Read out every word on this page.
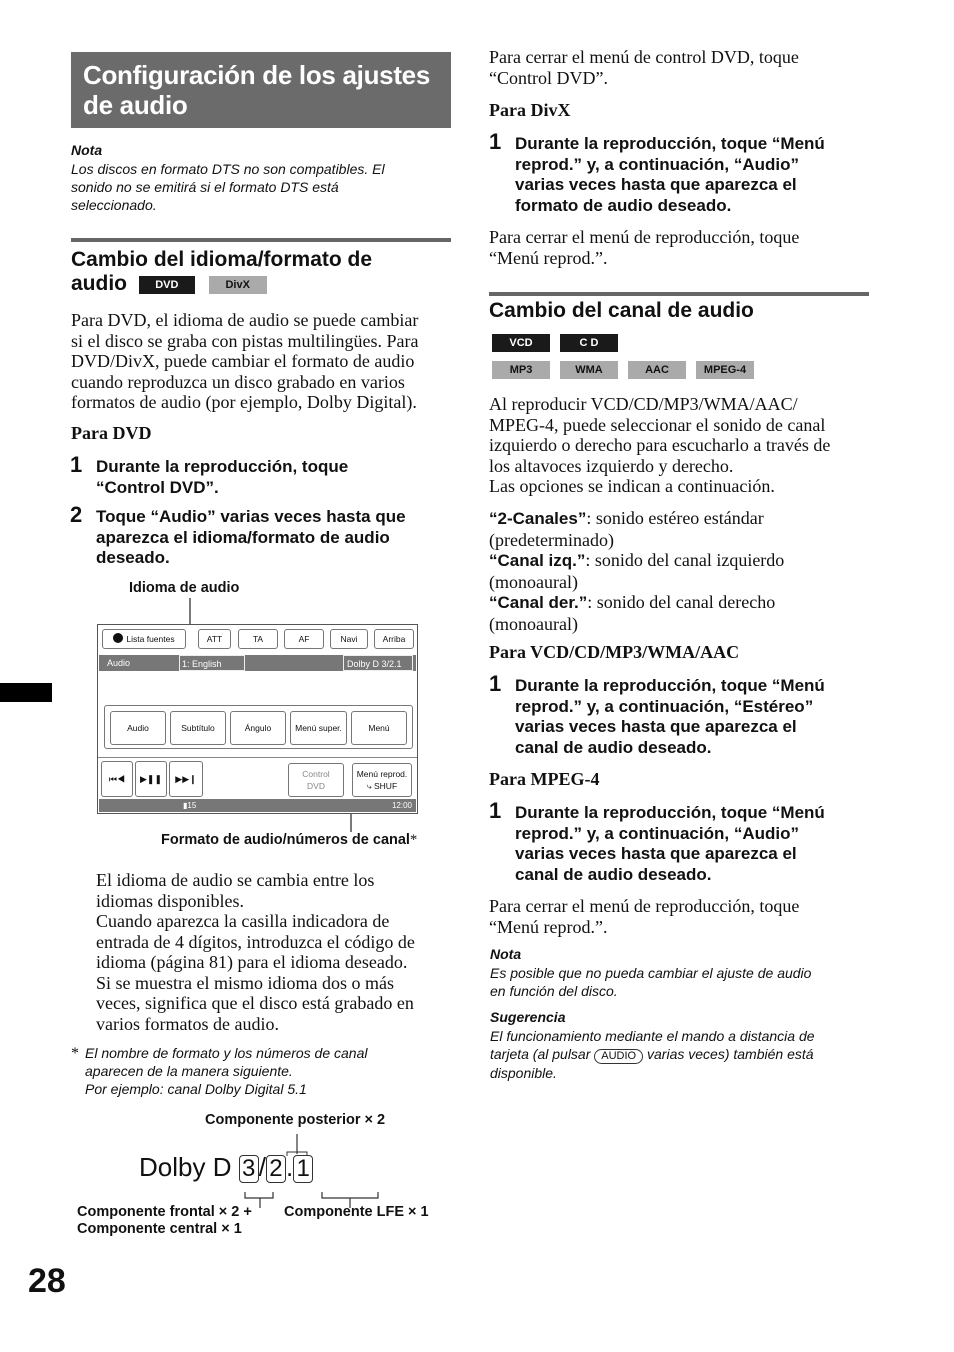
Configuración de los ajustes de audio
Nota
Los discos en formato DTS no son compatibles. El
sonido no se emitirá si el formato DTS está
seleccionado.
Cambio del idioma/formato de
audio	DVD	DivX
Para DVD, el idioma de audio se puede cambiar
si el disco se graba con pistas multilingües. Para
DVD/DivX, puede cambiar el formato de audio
cuando reproduzca un disco grabado en varios
formatos de audio (por ejemplo, Dolby Digital).
Para DVD
1 Durante la reproducción, toque
“Control DVD”.
2 Toque “Audio” varias veces hasta que
aparezca el idioma/formato de audio
deseado.
Idioma de audio
Lista fuentes	ATT	TA	AF	Navi	Arriba
Audio	1: English	Dolby D 3/2.1
Audio	Subtítulo	Ángulo	Menú super.	Menú
⏮◀	▶❚❚	▶▶❙	Control
DVD
Menú reprod.
⤷ SHUF
▮15	12:00
Formato de audio/números de canal*
El idioma de audio se cambia entre los
idiomas disponibles.
Cuando aparezca la casilla indicadora de
entrada de 4 dígitos, introduzca el código de
idioma (página 81) para el idioma deseado.
Si se muestra el mismo idioma dos o más
veces, significa que el disco está grabado en
varios formatos de audio.
* El nombre de formato y los números de canal
aparecen de la manera siguiente.
Por ejemplo: canal Dolby Digital 5.1
Componente posterior × 2
Dolby D 3 / 2 . 1
Componente frontal × 2 +
Componente central × 1
Componente LFE × 1
28
Para cerrar el menú de control DVD, toque
“Control DVD”.
Para DivX
1 Durante la reproducción, toque “Menú
reprod.” y, a continuación, “Audio”
varias veces hasta que aparezca el
formato de audio deseado.
Para cerrar el menú de reproducción, toque
“Menú reprod.”.
Cambio del canal de audio
VCD	C D
MP3	WMA	AAC	MPEG-4
Al reproducir VCD/CD/MP3/WMA/AAC/
MPEG-4, puede seleccionar el sonido de canal
izquierdo o derecho para escucharlo a través de
los altavoces izquierdo y derecho.
Las opciones se indican a continuación.
“2-Canales”: sonido estéreo estándar
(predeterminado)
“Canal izq.”: sonido del canal izquierdo
(monoaural)
“Canal der.”: sonido del canal derecho
(monoaural)
Para VCD/CD/MP3/WMA/AAC
1 Durante la reproducción, toque “Menú
reprod.” y, a continuación, “Estéreo”
varias veces hasta que aparezca el
canal de audio deseado.
Para MPEG-4
1 Durante la reproducción, toque “Menú
reprod.” y, a continuación, “Audio”
varias veces hasta que aparezca el
canal de audio deseado.
Para cerrar el menú de reproducción, toque
“Menú reprod.”.
Nota
Es posible que no pueda cambiar el ajuste de audio
en función del disco.
Sugerencia
El funcionamiento mediante el mando a distancia de
tarjeta (al pulsar AUDIO varias veces) también está
disponible.
